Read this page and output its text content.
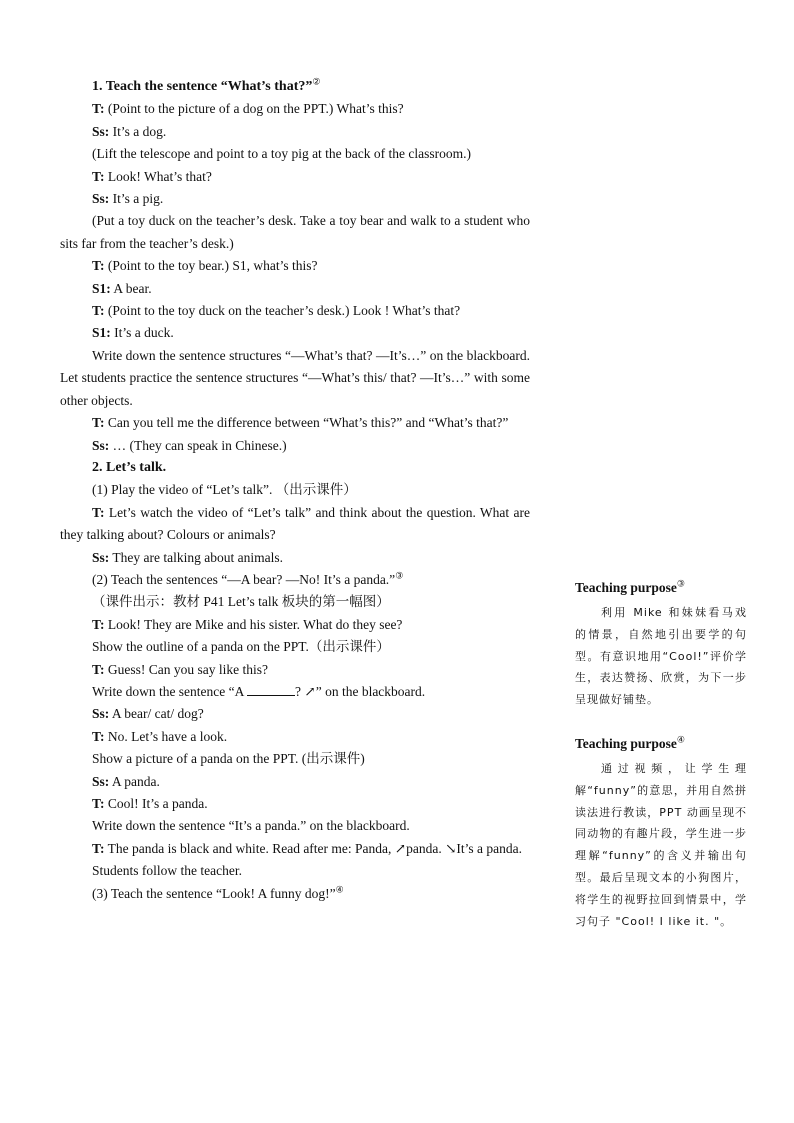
1. Teach the sentence “What’s that?”②

T: (Point to the picture of a dog on the PPT.) What’s this?

Ss: It’s a dog.

(Lift the telescope and point to a toy pig at the back of the classroom.)

T: Look! What’s that?

Ss: It’s a pig.

(Put a toy duck on the teacher’s desk. Take a toy bear and walk to a student who sits far from the teacher’s desk.)

T: (Point to the toy bear.) S1, what’s this?

S1: A bear.

T: (Point to the toy duck on the teacher’s desk.) Look ! What’s that?

S1: It’s a duck.

Write down the sentence structures “—What’s that? —It’s…” on the blackboard. Let students practice the sentence structures “—What’s this/ that? —It’s…” with some other objects.

T: Can you tell me the difference between “What’s this?” and “What’s that?”

Ss: … (They can speak in Chinese.)

2. Let’s talk.

(1) Play the video of “Let’s talk”. （出示课件）

T: Let’s watch the video of “Let’s talk” and think about the question. What are they talking about? Colours or animals?

Ss: They are talking about animals.

(2) Teach the sentences “—A bear? —No! It’s a panda.”③

（课件出示：教材 P41 Let’s talk 板块的第一幅图）

T: Look! They are Mike and his sister. What do they see?

Show the outline of a panda on the PPT.（出示课件）

T: Guess! Can you say like this?

Write down the sentence “A	? ↗” on the blackboard.

Ss: A bear/ cat/ dog?

T: No. Let’s have a look.

Show a picture of a panda on the PPT. (出示课件)

Ss: A panda.

T: Cool! It’s a panda.

Write down the sentence “It’s a panda.” on the blackboard.

T: The panda is black and white. Read after me: Panda, ↗panda. ↘It’s a panda.

Students follow the teacher.

(3) Teach the sentence “Look! A funny dog!”④

Teaching purpose③

利用 Mike 和妹妹看马戏的情景，自然地引出要学的句型。有意识地用“Cool!”评价学生，表达赞扬、欣赏，为下一步呈现做好铺垫。

Teaching purpose④

通过视频，让学生理解“funny”的意思，并用自然拼读法进行教读，PPT 动画呈现不同动物的有趣片段，学生进一步理解“funny”的含义并输出句型。最后呈现文本的小狗图片，将学生的视野拉回到情景中，学习句子 "Cool! I like it. "。
